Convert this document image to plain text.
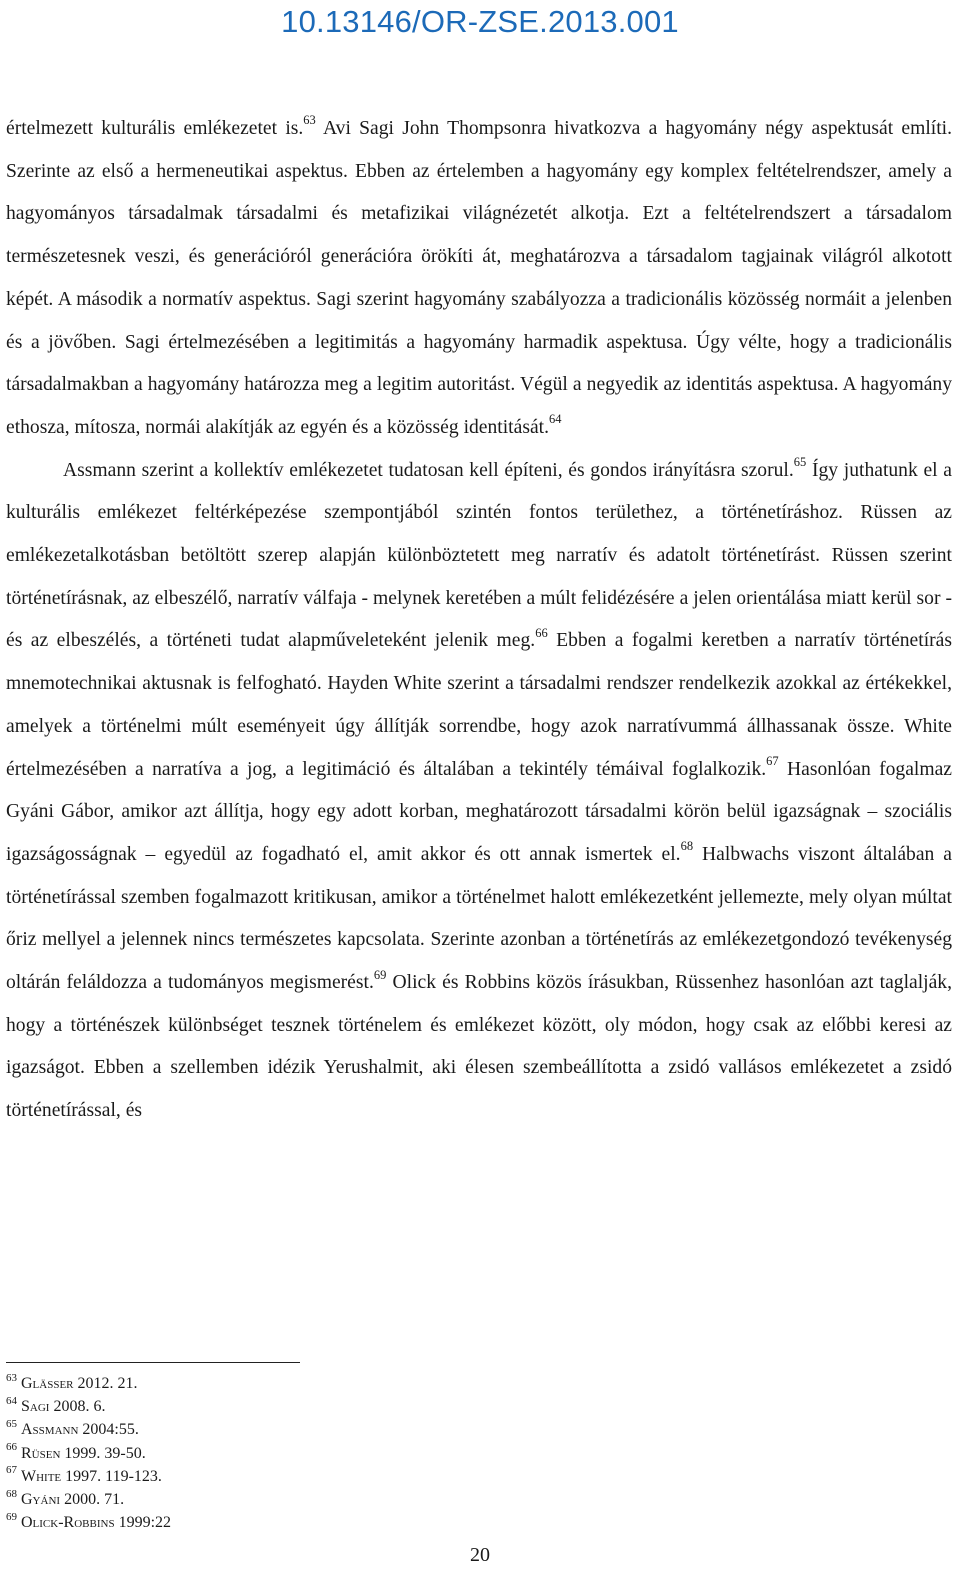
10.13146/OR-ZSE.2013.001

értelmezett kulturális emlékezetet is.$^{63}$ Avi Sagi John Thompsonra hivatkozva a hagyomány négy aspektusát említi. Szerinte az első a hermeneutikai aspektus. Ebben az értelemben a hagyomány egy komplex feltételrendszer, amely a hagyományos társadalmak társadalmi és metafizikai világnézetét alkotja. Ezt a feltételrendszert a társadalom természetesnek veszi, és generációról generációra örökíti át, meghatározva a társadalom tagjainak világról alkotott képét. A második a normatív aspektus. Sagi szerint hagyomány szabályozza a tradicionális közösség normáit a jelenben és a jövőben. Sagi értelmezésében a legitimitás a hagyomány harmadik aspektusa. Úgy vélte, hogy a tradicionális társadalmakban a hagyomány határozza meg a legitim autoritást. Végül a negyedik az identitás aspektusa. A hagyomány ethosza, mítosza, normái alakítják az egyén és a közösség identitását.$^{64}$

Assmann szerint a kollektív emlékezetet tudatosan kell építeni, és gondos irányításra szorul.$^{65}$ Így juthatunk el a kulturális emlékezet feltérképezése szempontjából szintén fontos területhez, a történetíráshoz. Rüssen az emlékezetalkotásban betöltött szerep alapján különböztetett meg narratív és adatolt történetírást. Rüssen szerint történetírásnak, az elbeszélő, narratív válfaja - melynek keretében a múlt felidézésére a jelen orientálása miatt kerül sor - és az elbeszélés, a történeti tudat alapműveleteként jelenik meg.$^{66}$ Ebben a fogalmi keretben a narratív történetírás mnemotechnikai aktusnak is felfogható. Hayden White szerint a társadalmi rendszer rendelkezik azokkal az értékekkel, amelyek a történelmi múlt eseményeit úgy állítják sorrendbe, hogy azok narratívummá állhassanak össze. White értelmezésében a narratíva a jog, a legitimáció és általában a tekintély témáival foglalkozik.$^{67}$ Hasonlóan fogalmaz Gyáni Gábor, amikor azt állítja, hogy egy adott korban, meghatározott társadalmi körön belül igazságnak – szociális igazságosságnak – egyedül az fogadható el, amit akkor és ott annak ismertek el.$^{68}$ Halbwachs viszont általában a történetírással szemben fogalmazott kritikusan, amikor a történelmet halott emlékezetként jellemezte, mely olyan múltat őriz mellyel a jelennek nincs természetes kapcsolata. Szerinte azonban a történetírás az emlékezetgondozó tevékenység oltárán feláldozza a tudományos megismerést.$^{69}$ Olick és Robbins közös írásukban, Rüssenhez hasonlóan azt taglalják, hogy a történészek különbséget tesznek történelem és emlékezet között, oly módon, hogy csak az előbbi keresi az igazságot. Ebben a szellemben idézik Yerushalmit, aki élesen szembeállította a zsidó vallásos emlékezetet a zsidó történetírással, és

$^{63}$ Glässer 2012. 21.
$^{64}$ Sagi 2008. 6.
$^{65}$ Assmann 2004:55.
$^{66}$ Rüsen 1999. 39-50.
$^{67}$ White 1997. 119-123.
$^{68}$ Gyáni 2000. 71.
$^{69}$ Olick-Robbins 1999:22
20
